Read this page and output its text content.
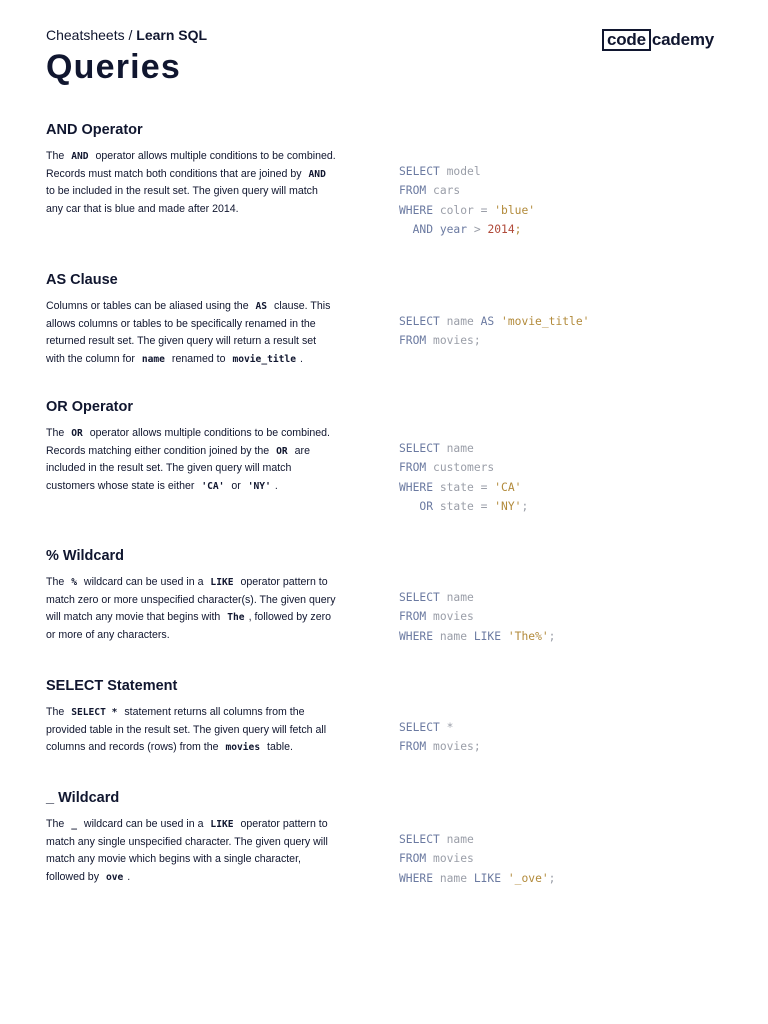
Cheatsheets / Learn SQL	code cademy
Queries
AND Operator
The AND operator allows multiple conditions to be combined. Records must match both conditions that are joined by AND to be included in the result set. The given query will match any car that is blue and made after 2014.
SELECT model
FROM cars
WHERE color = 'blue'
AND year > 2014;
AS Clause
Columns or tables can be aliased using the AS clause. This allows columns or tables to be specifically renamed in the returned result set. The given query will return a result set with the column for name renamed to movie_title .
SELECT name AS 'movie_title'
FROM movies;
OR Operator
The OR operator allows multiple conditions to be combined. Records matching either condition joined by the OR are included in the result set. The given query will match customers whose state is either 'CA' or 'NY' .
SELECT name
FROM customers
WHERE state = 'CA'
OR state = 'NY';
% Wildcard
The % wildcard can be used in a LIKE operator pattern to match zero or more unspecified character(s). The given query will match any movie that begins with The , followed by zero or more of any characters.
SELECT name
FROM movies
WHERE name LIKE 'The%';
SELECT Statement
The SELECT * statement returns all columns from the provided table in the result set. The given query will fetch all columns and records (rows) from the movies table.
SELECT *
FROM movies;
_ Wildcard
The _ wildcard can be used in a LIKE operator pattern to match any single unspecified character. The given query will match any movie which begins with a single character, followed by ove .
SELECT name
FROM movies
WHERE name LIKE '_ove';
